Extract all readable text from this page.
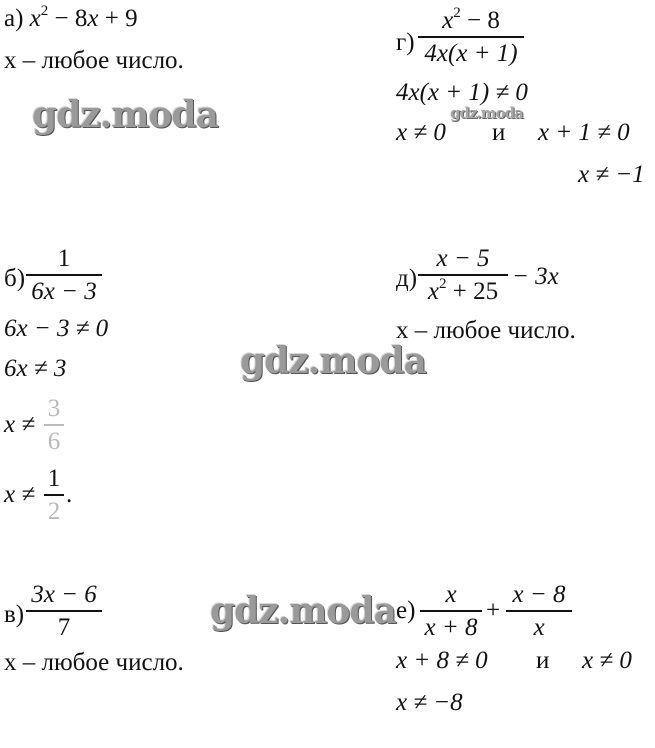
gdz.moda
gdz.moda
gdz.moda
gdz.moda
а) $x^2 - 8x + 9$
x – любое число.
б)
1
6x − 3
6x − 3 ≠ 0
6x ≠ 3
x ≠
3
6
x ≠
1
2
.
в)
3x − 6
7
x – любое число.
г)
$x^2 - 8$
4x(x + 1)
4x(x + 1) ≠ 0
x ≠ 0 и x + 1 ≠ 0
x ≠ −1
д)
x − 5
$x^2 + 25$
− 3x
x – любое число.
е)
x
x + 8
+
x − 8
x
x + 8 ≠ 0 и x ≠ 0
x ≠ −8
